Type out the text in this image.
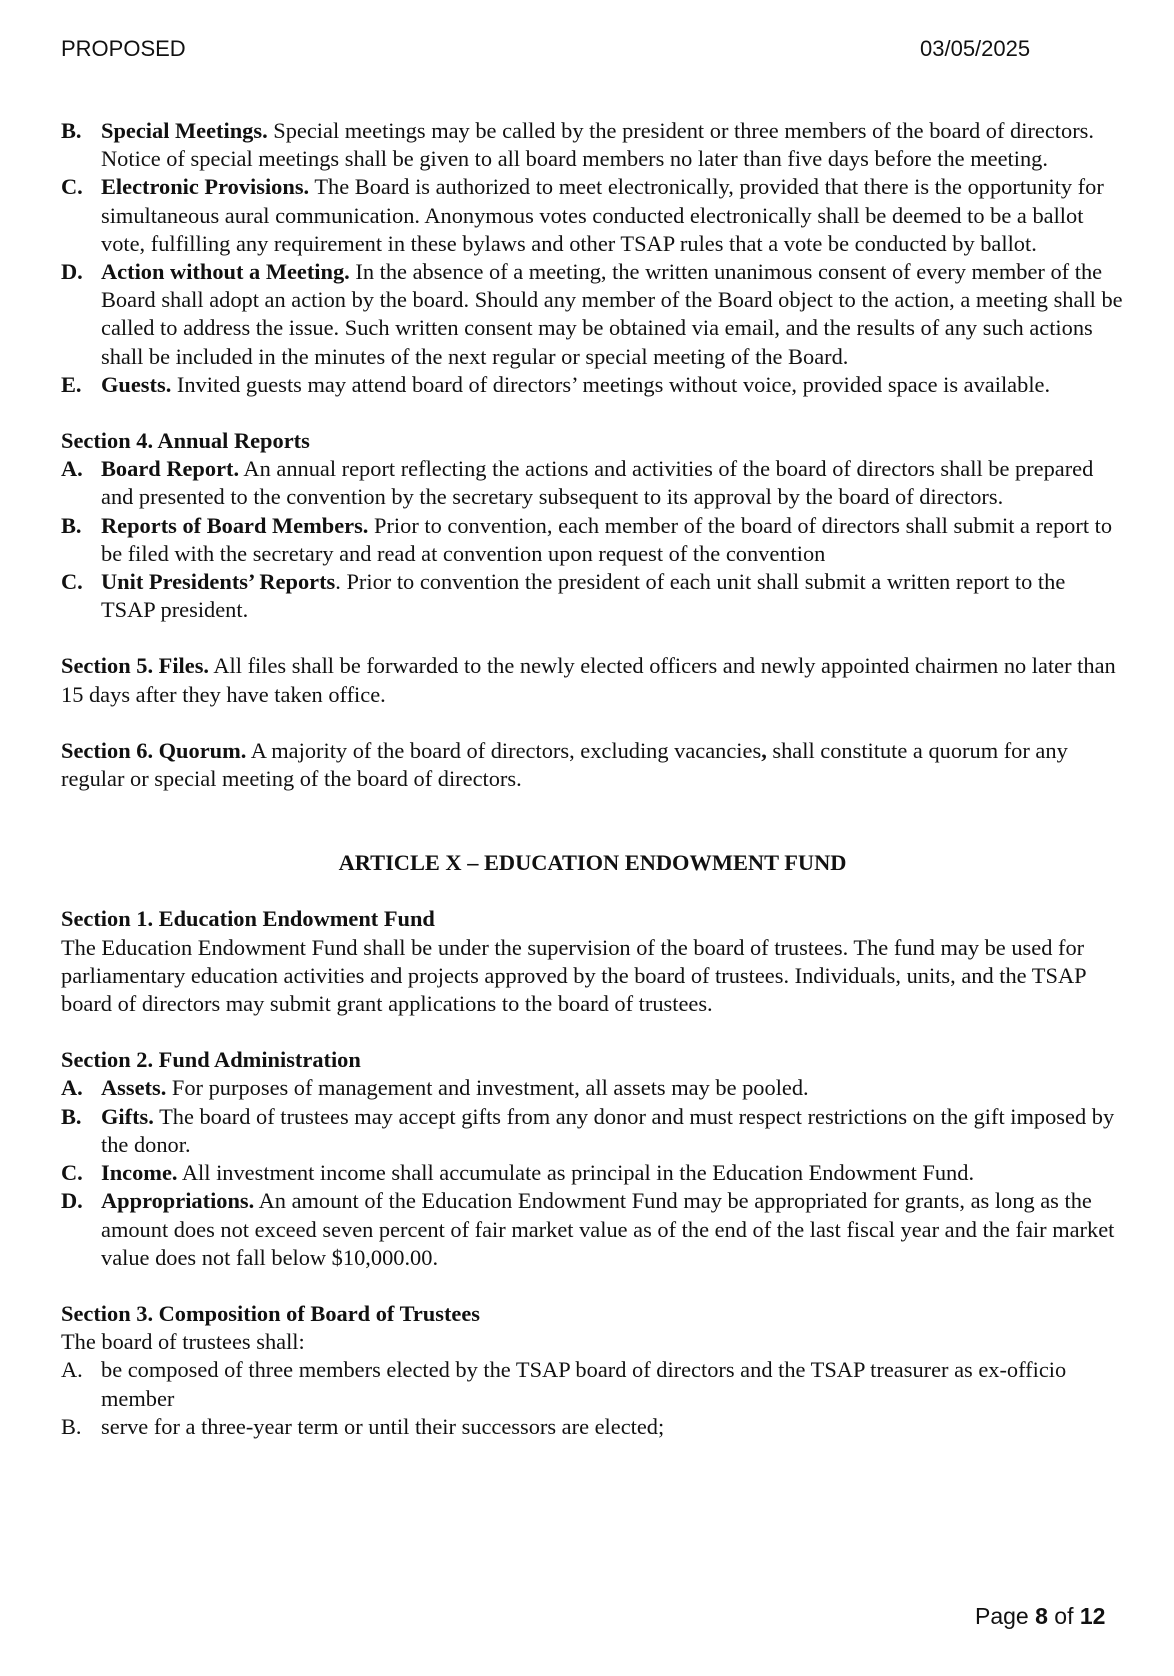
PROPOSED	03/05/2025
B. Special Meetings. Special meetings may be called by the president or three members of the board of directors. Notice of special meetings shall be given to all board members no later than five days before the meeting.
C. Electronic Provisions. The Board is authorized to meet electronically, provided that there is the opportunity for simultaneous aural communication. Anonymous votes conducted electronically shall be deemed to be a ballot vote, fulfilling any requirement in these bylaws and other TSAP rules that a vote be conducted by ballot.
D. Action without a Meeting. In the absence of a meeting, the written unanimous consent of every member of the Board shall adopt an action by the board. Should any member of the Board object to the action, a meeting shall be called to address the issue. Such written consent may be obtained via email, and the results of any such actions shall be included in the minutes of the next regular or special meeting of the Board.
E. Guests. Invited guests may attend board of directors’ meetings without voice, provided space is available.
Section 4. Annual Reports
A. Board Report. An annual report reflecting the actions and activities of the board of directors shall be prepared and presented to the convention by the secretary subsequent to its approval by the board of directors.
B. Reports of Board Members. Prior to convention, each member of the board of directors shall submit a report to be filed with the secretary and read at convention upon request of the convention
C. Unit Presidents’ Reports. Prior to convention the president of each unit shall submit a written report to the TSAP president.
Section 5. Files. All files shall be forwarded to the newly elected officers and newly appointed chairmen no later than 15 days after they have taken office.
Section 6. Quorum. A majority of the board of directors, excluding vacancies, shall constitute a quorum for any regular or special meeting of the board of directors.
ARTICLE X – EDUCATION ENDOWMENT FUND
Section 1. Education Endowment Fund
The Education Endowment Fund shall be under the supervision of the board of trustees. The fund may be used for parliamentary education activities and projects approved by the board of trustees. Individuals, units, and the TSAP board of directors may submit grant applications to the board of trustees.
Section 2. Fund Administration
A. Assets. For purposes of management and investment, all assets may be pooled.
B. Gifts. The board of trustees may accept gifts from any donor and must respect restrictions on the gift imposed by the donor.
C. Income. All investment income shall accumulate as principal in the Education Endowment Fund.
D. Appropriations. An amount of the Education Endowment Fund may be appropriated for grants, as long as the amount does not exceed seven percent of fair market value as of the end of the last fiscal year and the fair market value does not fall below $10,000.00.
Section 3. Composition of Board of Trustees
The board of trustees shall:
A. be composed of three members elected by the TSAP board of directors and the TSAP treasurer as ex-officio member
B. serve for a three-year term or until their successors are elected;
Page 8 of 12
